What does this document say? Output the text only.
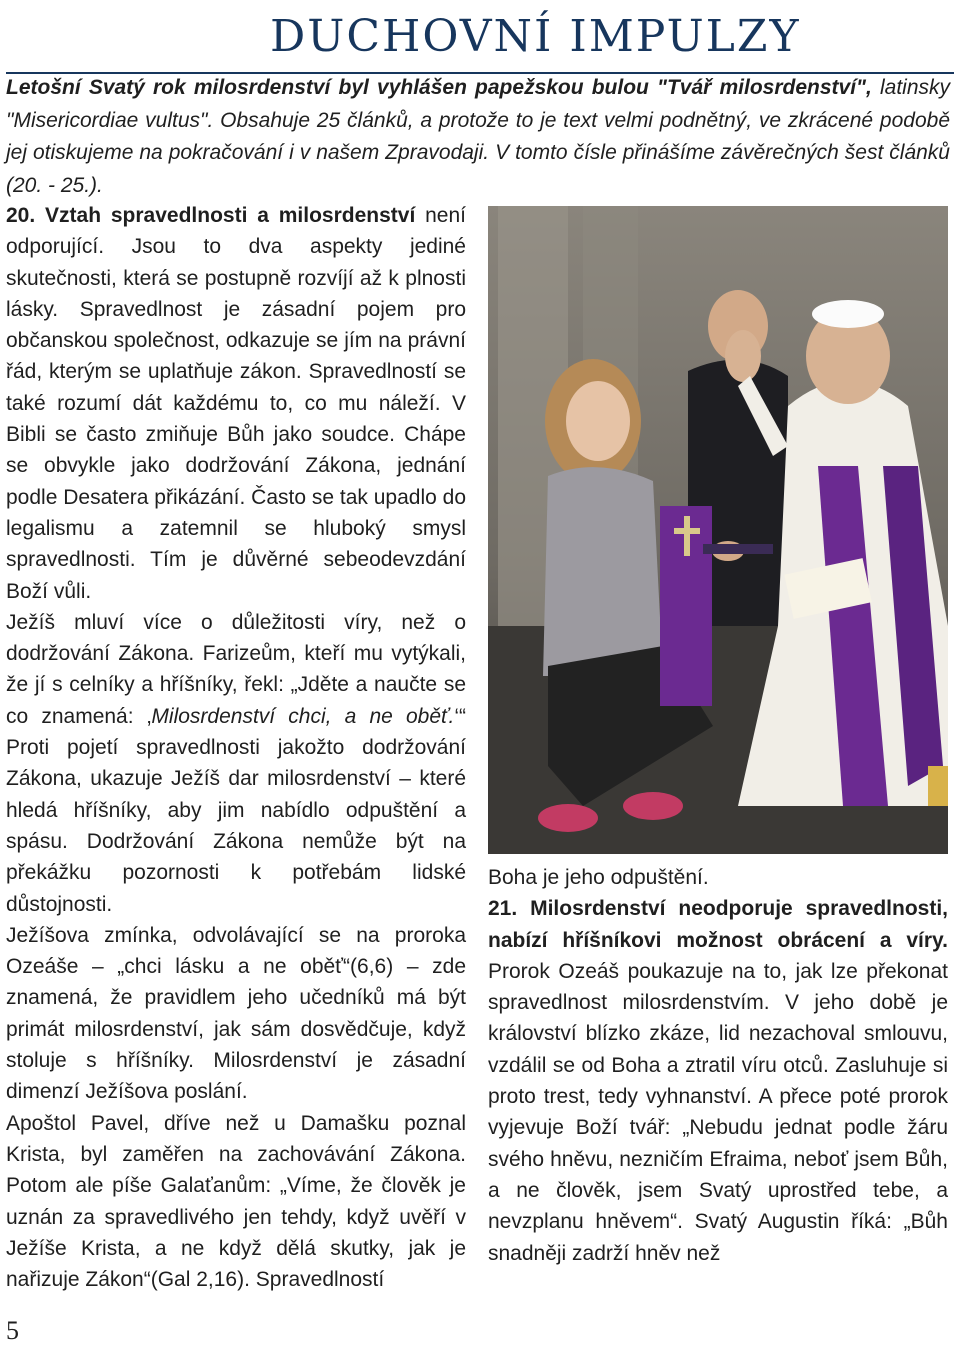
DUCHOVNÍ IMPULZY
Letošní Svatý rok milosrdenství byl vyhlášen papežskou bulou "Tvář milosrdenství", latinsky "Misericordiae vultus". Obsahuje 25 článků, a protože to je text velmi podnětný, ve zkrácené podobě jej otiskujeme na pokračování i v našem Zpravodaji. V tomto čísle přinášíme závěrečných šest článků (20. - 25.).

20. Vztah spravedlnosti a milosrdenství není odporující. Jsou to dva aspekty jediné skutečnosti, která se postupně rozvíjí až k plnosti lásky. Spravedlnost je zásadní pojem pro občanskou společnost, odkazuje se jím na právní řád, kterým se uplatňuje zákon. Spravedlností se také rozumí dát každému to, co mu náleží. V Bibli se často zmiňuje Bůh jako soudce. Chápe se obvykle jako dodržování Zákona, jednání podle Desatera přikázání. Často se tak upadlo do legalismu a zatemnil se hluboký smysl spravedlnosti. Tím je důvěrné sebeodevzdání Boží vůli.

Ježíš mluví více o důležitosti víry, než o dodržování Zákona. Farizeům, kteří mu vytýkali, že jí s celníky a hříšníky, řekl: „Jděte a naučte se co znamená: ‚Milosrdenství chci, a ne oběť.‘“ Proti pojetí spravedlnosti jakožto dodržování Zákona, ukazuje Ježíš dar milosrdenství – které hledá hříšníky, aby jim nabídlo odpuštění a spásu. Dodržování Zákona nemůže být na překážku pozornosti k potřebám lidské důstojnosti.

Ježíšova zmínka, odvolávající se na proroka Ozeáše – „chci lásku a ne oběť“(6,6) – zde znamená, že pravidlem jeho učedníků má být primát milosrdenství, jak sám dosvědčuje, když stoluje s hříšníky. Milosrdenství je zásadní dimenzí Ježíšova poslání.

Apoštol Pavel, dříve než u Damašku poznal Krista, byl zaměřen na zachovávání Zákona. Potom ale píše Galaťanům: „Víme, že člověk je uznán za spravedlivého jen tehdy, když uvěří v Ježíše Krista, a ne když dělá skutky, jak je nařizuje Zákon“(Gal 2,16). Spravedlností

Boha je jeho odpuštění.

21. Milosrdenství neodporuje spravedlnosti, nabízí hříšníkovi možnost obrácení a víry. Prorok Ozeáš poukazuje na to, jak lze překonat spravedlnost milosrdenstvím. V jeho době je království blízko zkáze, lid nezachoval smlouvu, vzdálil se od Boha a ztratil víru otců. Zasluhuje si proto trest, tedy vyhnanství. A přece poté prorok vyjevuje Boží tvář: „Nebudu jednat podle žáru svého hněvu, nezničím Efraima, neboť jsem Bůh, a ne člověk, jsem Svatý uprostřed tebe, a nevzplanu hněvem“. Svatý Augustin říká: „Bůh snadněji zadrží hněv než

5
